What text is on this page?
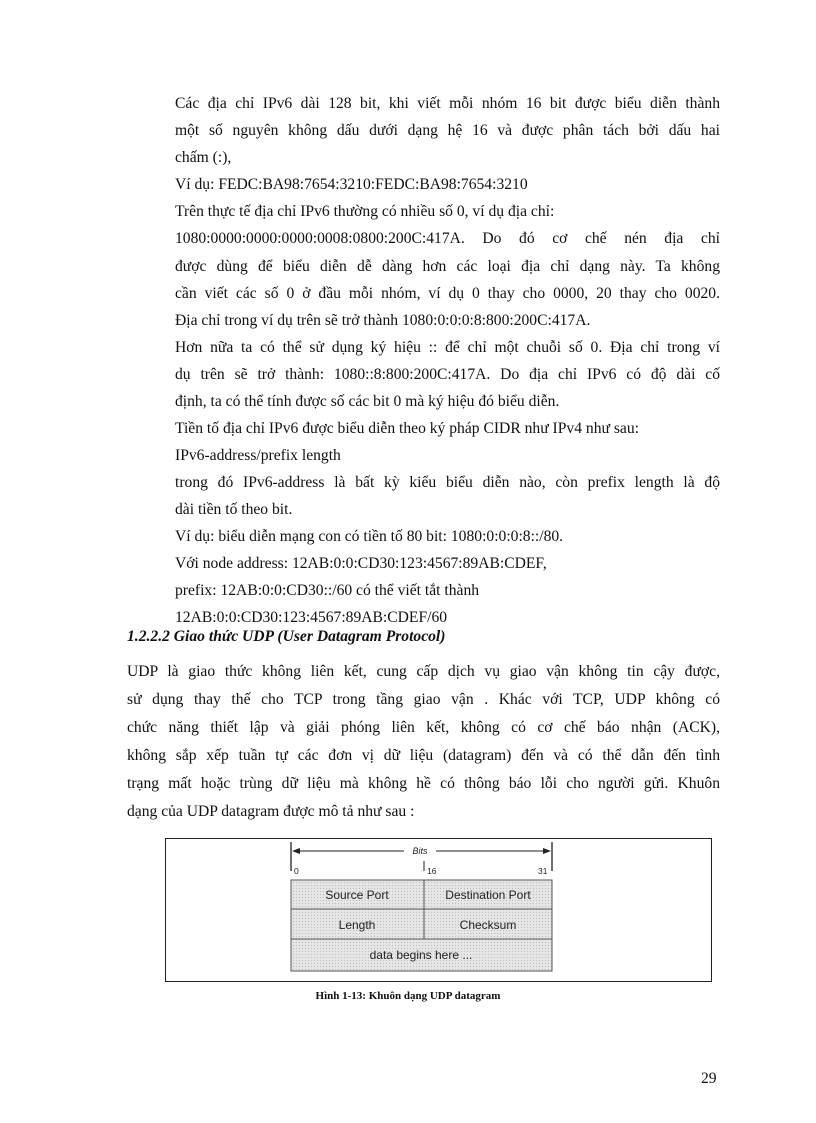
Các địa chỉ IPv6 dài 128 bit, khi viết mỗi nhóm 16 bit được biểu diễn thành
một số nguyên không dấu dưới dạng hệ 16 và được phân tách bởi dấu hai
chấm (:),
Ví dụ: FEDC:BA98:7654:3210:FEDC:BA98:7654:3210
Trên thực tế địa chỉ IPv6 thường có nhiều số 0, ví dụ địa chỉ:
1080:0000:0000:0000:0008:0800:200C:417A. Do đó cơ chế nén địa chỉ
được dùng để biểu diễn dễ dàng hơn các loại địa chỉ dạng này. Ta không
cần viết các số 0 ở đầu mỗi nhóm, ví dụ 0 thay cho 0000, 20 thay cho 0020.
Địa chỉ trong ví dụ trên sẽ trở thành 1080:0:0:0:8:800:200C:417A.
Hơn nữa ta có thể sử dụng ký hiệu :: để chỉ một chuỗi số 0. Địa chỉ trong ví
dụ trên sẽ trở thành: 1080::8:800:200C:417A. Do địa chỉ IPv6 có độ dài cố
định, ta có thể tính được số các bit 0 mà ký hiệu đó biểu diễn.
Tiền tố địa chỉ IPv6 được biểu diễn theo ký pháp CIDR như IPv4 như sau:
IPv6-address/prefix length
trong đó IPv6-address là bất kỳ kiểu biểu diễn nào, còn prefix length là độ
dài tiền tố theo bit.
Ví dụ: biểu diễn mạng con có tiền tố 80 bit: 1080:0:0:0:8::/80.
Với node address: 12AB:0:0:CD30:123:4567:89AB:CDEF,
prefix: 12AB:0:0:CD30::/60 có thể viết tắt thành
12AB:0:0:CD30:123:4567:89AB:CDEF/60
1.2.2.2 Giao thức UDP (User Datagram Protocol)
UDP là giao thức không liên kết, cung cấp dịch vụ giao vận không tin cậy được,
sử dụng thay thế cho TCP trong tầng giao vận . Khác với TCP, UDP không có
chức năng thiết lập và giải phóng liên kết, không có cơ chế báo nhận (ACK),
không sắp xếp tuần tự các đơn vị dữ liệu (datagram) đến và có thể dẫn đến tình
trạng mất hoặc trùng dữ liệu mà không hề có thông báo lỗi cho người gửi. Khuôn
dạng của UDP datagram được mô tả như sau :
Bits
0	16	31
Source Port	Destination Port
Length	Checksum
data begins here ...
Hình 1-13: Khuôn dạng UDP datagram
29
